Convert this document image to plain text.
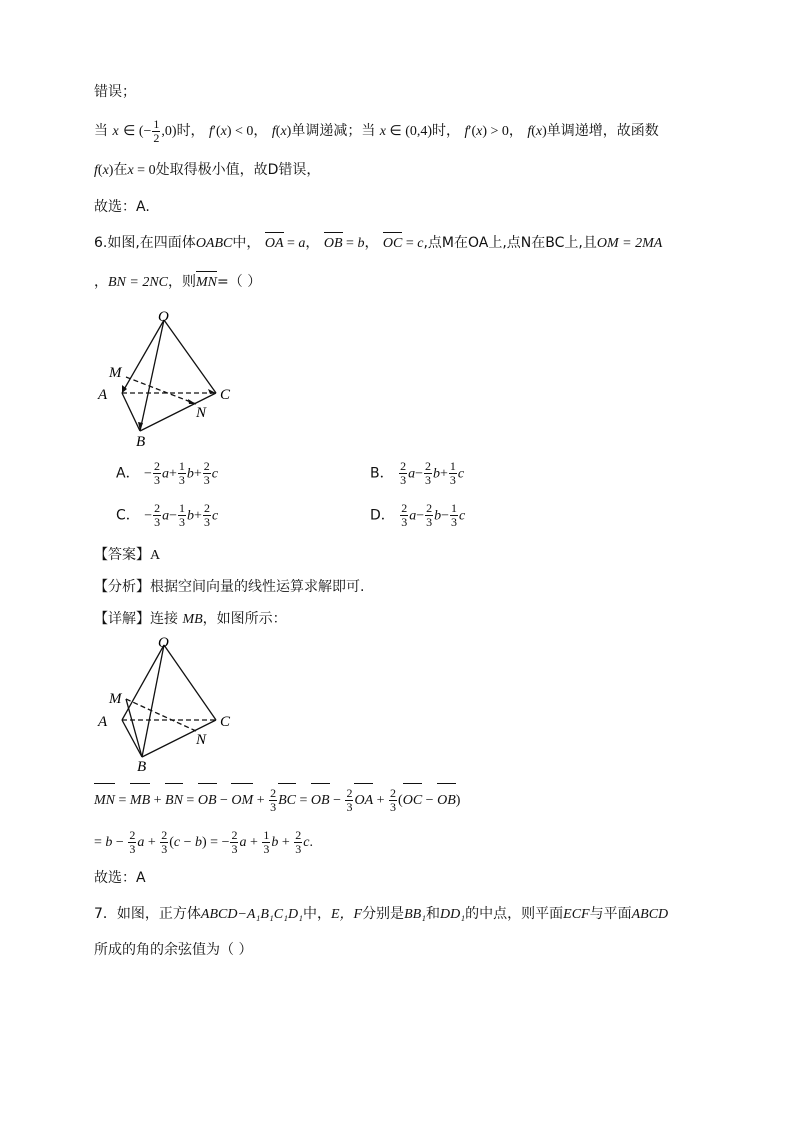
错误；
当 x ∈ (− $\frac{1}{2} ,0$)时， f′(x) < 0， f(x)单调递减；当 x ∈ (0,4)时， f′(x) > 0， f(x)单调递增，故函数
f(x)在x = 0处取得极小值，故D错误，
故选：A.
6.如图,在四面体OABC中， OA = a， OB = b， OC = c,点M在OA上,点N在BC上,且OM = 2MA
，BN = 2NC，则MN=（ ）
O
M
A	C
N
B
A． − $\frac{2}{3} a+ \frac{1}{3} b+ \frac{2}{3}$ c	B． $\frac{2}{3} a- \frac{2}{3} b+ \frac{1}{3}$ c
C． − $\frac{2}{3} a- \frac{1}{3} b+ \frac{2}{3}$ c	D． $\frac{2}{3} a- \frac{2}{3} b- \frac{1}{3}$ c
【答案】A
【分析】根据空间向量的线性运算求解即可.
【详解】连接 MB，如图所示：
O
M
A	C
N
B
MN = MB + BN = OB − OM + $\frac{2}{3}$ BC = OB − $\frac{2}{3}$ OA + $\frac{2}{3} (OC - OB)$
= $b - \frac{2}{3}$ $a + \frac{2}{3} (c - b)$ = − $\frac{2}{3}$ $a + \frac{1}{3}$ $b + \frac{2}{3} c$.
故选：A
7．如图，正方体ABCD−A₁B₁C₁D₁中，E，F分别是BB₁和DD₁的中点，则平面ECF与平面ABCD
所成的角的余弦值为（ ）
